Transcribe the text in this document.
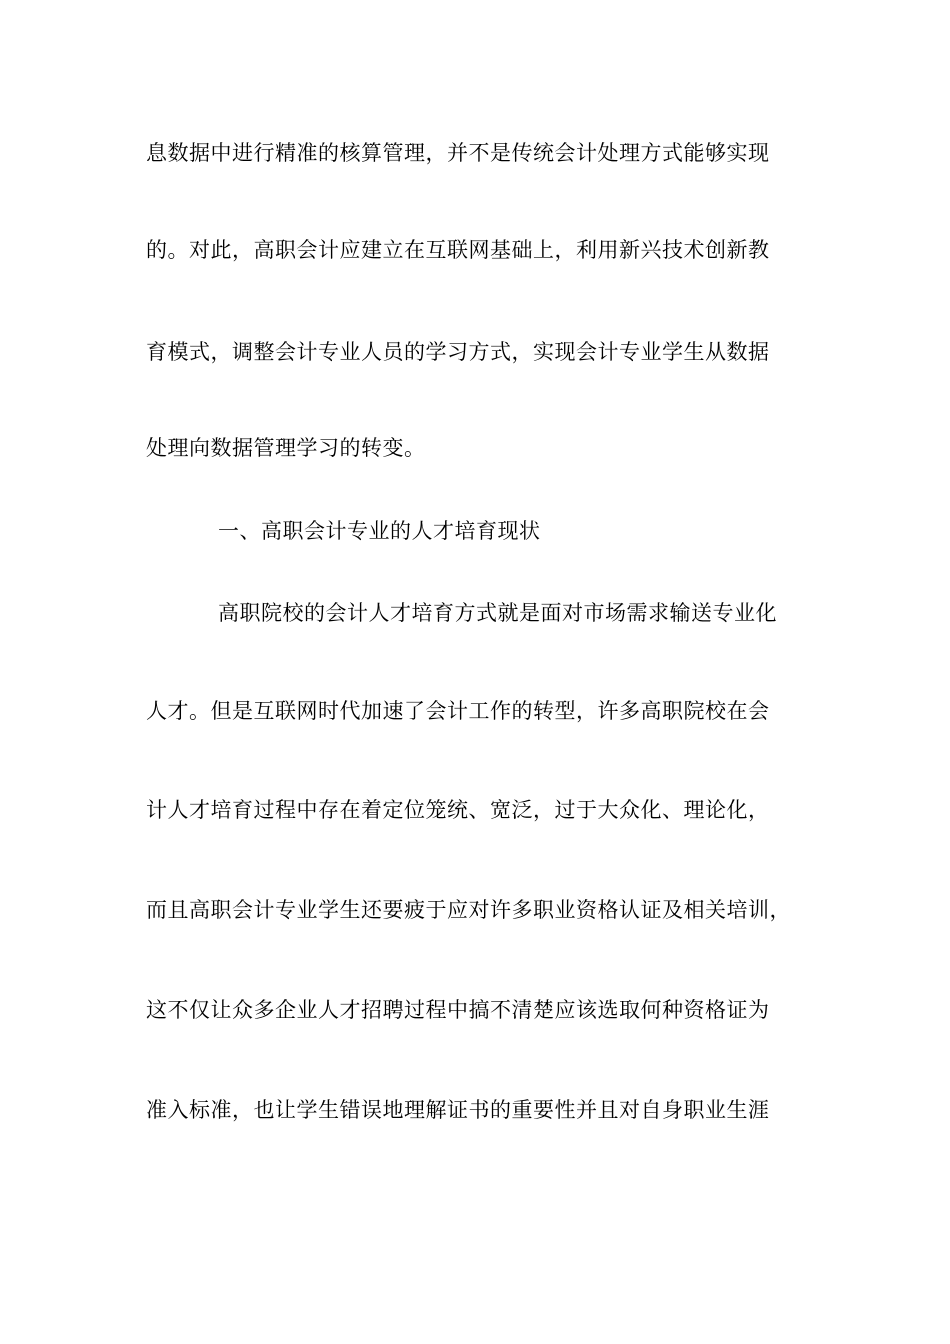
息数据中进行精准的核算管理，并不是传统会计处理方式能够实现
的。对此，高职会计应建立在互联网基础上，利用新兴技术创新教
育模式，调整会计专业人员的学习方式，实现会计专业学生从数据
处理向数据管理学习的转变。
一、高职会计专业的人才培育现状
高职院校的会计人才培育方式就是面对市场需求输送专业化
人才。但是互联网时代加速了会计工作的转型，许多高职院校在会
计人才培育过程中存在着定位笼统、宽泛，过于大众化、理论化，
而且高职会计专业学生还要疲于应对许多职业资格认证及相关培训，
这不仅让众多企业人才招聘过程中搞不清楚应该选取何种资格证为
准入标准，也让学生错误地理解证书的重要性并且对自身职业生涯
